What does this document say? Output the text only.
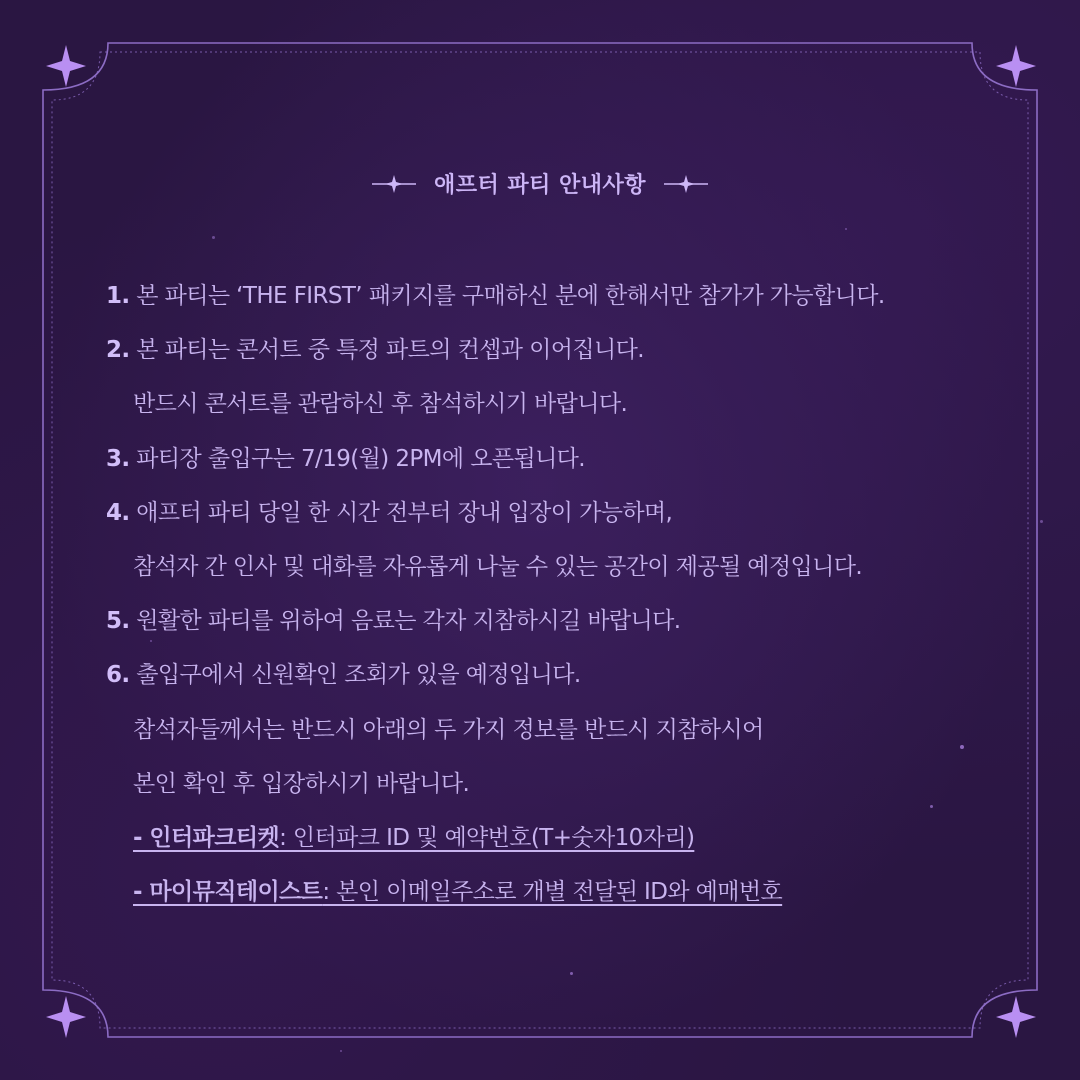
애프터 파티 안내사항
1. 본 파티는 ‘THE FIRST’ 패키지를 구매하신 분에 한해서만 참가가 가능합니다.
2. 본 파티는 콘서트 중 특정 파트의 컨셉과 이어집니다.
반드시 콘서트를 관람하신 후 참석하시기 바랍니다.
3. 파티장 출입구는 7/19(월) 2PM에 오픈됩니다.
4. 애프터 파티 당일 한 시간 전부터 장내 입장이 가능하며,
참석자 간 인사 및 대화를 자유롭게 나눌 수 있는 공간이 제공될 예정입니다.
5. 원활한 파티를 위하여 음료는 각자 지참하시길 바랍니다.
6. 출입구에서 신원확인 조회가 있을 예정입니다.
참석자들께서는 반드시 아래의 두 가지 정보를 반드시 지참하시어
본인 확인 후 입장하시기 바랍니다.
- 인터파크티켓: 인터파크 ID 및 예약번호(T+숫자10자리)
- 마이뮤직테이스트: 본인 이메일주소로 개별 전달된 ID와 예매번호
